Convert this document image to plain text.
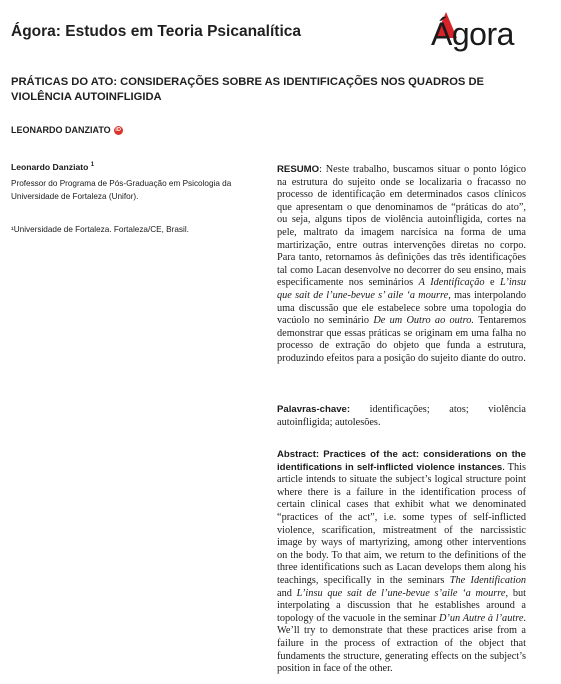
Ágora: Estudos em Teoria Psicanalítica	Ágora
PRÁTICAS DO ATO: CONSIDERAÇÕES SOBRE AS IDENTIFICAÇÕES NOS QUADROS DE VIOLÊNCIA AUTOINFLIGIDA
LEONARDO DANZIATO iD
Leonardo Danziato $^1$
Professor do Programa de Pós-Graduação em Psicologia da Universidade de Fortaleza (Unifor).
¹Universidade de Fortaleza. Fortaleza/CE, Brasil.
RESUMO: Neste trabalho, buscamos situar o ponto lógico na estrutura do sujeito onde se localizaria o fracasso no processo de identificação em determinados casos clínicos que apresentam o que denominamos de “práticas do ato”, ou seja, alguns tipos de violência autoinfligida, cortes na pele, maltrato da imagem narcísica na forma de uma martirização, entre outras intervenções diretas no corpo. Para tanto, retornamos às definições das três identificações tal como Lacan desenvolve no decorrer do seu ensino, mais especificamente nos seminários A Identificação e L’insu que sait de l’une-bevue s’ aile ‘a mourre, mas interpolando uma discussão que ele estabelece sobre uma topologia do vacúolo no seminário De um Outro ao outro. Tentaremos demonstrar que essas práticas se originam em uma falha no processo de extração do objeto que funda a estrutura, produzindo efeitos para a posição do sujeito diante do outro.
Palavras-chave: identificações; atos; violência autoinfligida; autolesões.
Abstract: Practices of the act: considerations on the identifications in self-inflicted violence instances. This article intends to situate the subject’s logical structure point where there is a failure in the identification process of certain clinical cases that exhibit what we denominated “practices of the act”, i.e. some types of self-inflicted violence, scarification, mistreatment of the narcissistic image by ways of martyrizing, among other interventions on the body. To that aim, we return to the definitions of the three identifications such as Lacan develops them along his teachings, specifically in the seminars The Identification and L’insu que sait de l’une-bevue s’aile ‘a mourre, but interpolating a discussion that he establishes around a topology of the vacuole in the seminar D’un Autre à l’autre. We’ll try to demonstrate that these practices arise from a failure in the process of extraction of the object that fundaments the structure, generating effects on the subject’s position in face of the other.
